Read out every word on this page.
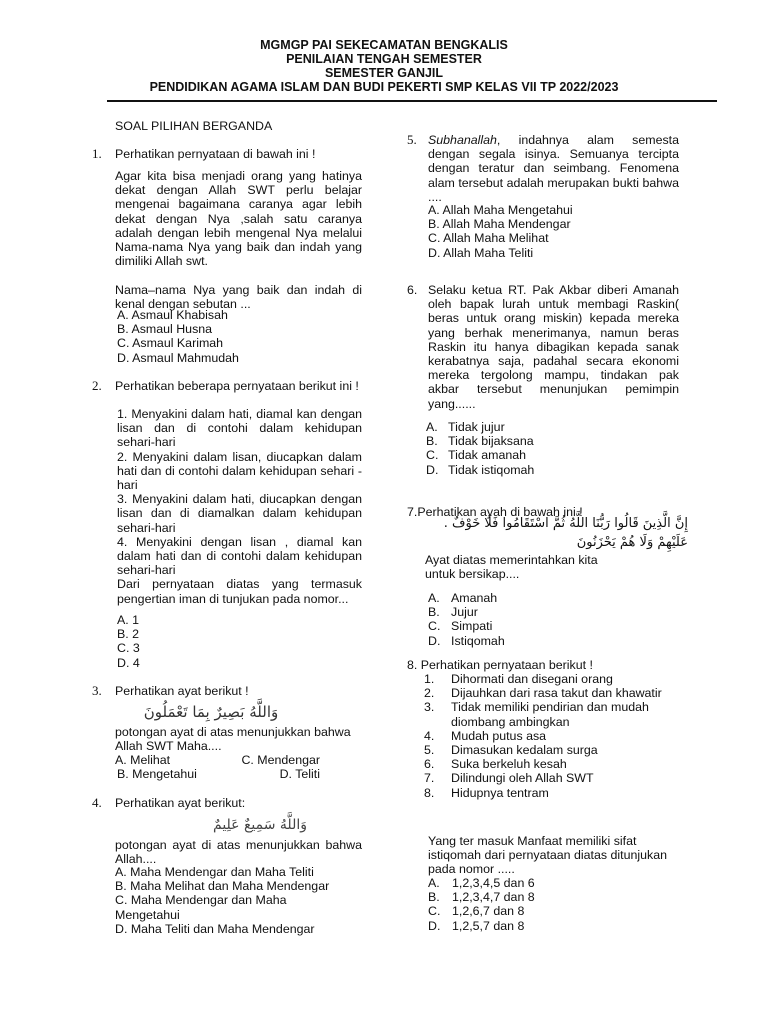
MGMGP PAI SEKECAMATAN BENGKALIS
PENILAIAN TENGAH SEMESTER
SEMESTER GANJIL
PENDIDIKAN AGAMA ISLAM DAN BUDI PEKERTI SMP KELAS VII TP 2022/2023
SOAL PILIHAN BERGANDA
1. Perhatikan pernyataan di bawah ini !
Agar kita bisa menjadi orang yang hatinya dekat dengan Allah SWT perlu belajar mengenai bagaimana caranya agar lebih dekat dengan Nya ,salah satu caranya adalah dengan lebih mengenal Nya melalui Nama-nama Nya yang baik dan indah yang dimiliki Allah swt.
Nama–nama Nya yang baik dan indah di kenal dengan sebutan ...
A. Asmaul Khabisah
B. Asmaul Husna
C. Asmaul Karimah
D. Asmaul Mahmudah
2. Perhatikan beberapa pernyataan berikut ini !
1. Menyakini dalam hati, diamal kan dengan lisan dan di contohi dalam kehidupan sehari-hari
2. Menyakini dalam lisan, diucapkan dalam hati dan di contohi dalam kehidupan sehari -hari
3. Menyakini dalam hati, diucapkan dengan lisan dan di diamalkan dalam kehidupan sehari-hari
4. Menyakini dengan lisan , diamal kan dalam hati dan di contohi dalam kehidupan sehari-hari
Dari pernyataan diatas yang termasuk pengertian iman di tunjukan pada nomor...
A. 1
B. 2
C. 3
D. 4
3. Perhatikan ayat berikut !
وَاللَّهُ بَصِيرٌ بِمَا تَعْمَلُونَ
potongan ayat di atas menunjukkan bahwa Allah SWT Maha....
A. Melihat	C. Mendengar
B. Mengetahui	D. Teliti
4. Perhatikan ayat berikut:
وَاللَّهُ سَمِيعٌ عَلِيمٌ
potongan ayat di atas menunjukkan bahwa Allah....
A. Maha Mendengar dan Maha Teliti
B. Maha Melihat dan Maha Mendengar
C. Maha Mendengar dan Maha Mengetahui
D. Maha Teliti dan Maha Mendengar
5. Subhanallah, indahnya alam semesta dengan segala isinya. Semuanya tercipta dengan teratur dan seimbang. Fenomena alam tersebut adalah merupakan bukti bahwa ....
A. Allah Maha Mengetahui
B. Allah Maha Mendengar
C. Allah Maha Melihat
D. Allah Maha Teliti
6. Selaku ketua RT. Pak Akbar diberi Amanah oleh bapak lurah untuk membagi Raskin( beras untuk orang miskin) kepada mereka yang berhak menerimanya, namun beras Raskin itu hanya dibagikan kepada sanak kerabatnya saja, padahal secara ekonomi mereka tergolong mampu, tindakan pak akbar tersebut menunjukan pemimpin yang......
A. Tidak jujur
B. Tidak bijaksana
C. Tidak amanah
D. Tidak istiqomah
7.Perhatikan ayah di bawah ini !
إِنَّ الَّذِينَ قَالُوا رَبُّنَا اللَّهُ ثُمَّ اسْتَقَامُوا فَلَا خَوْفٌ .
عَلَيْهِمْ وَلَا هُمْ يَحْزَنُونَ
Ayat diatas memerintahkan kita untuk bersikap....
A. Amanah
B. Jujur
C. Simpati
D. Istiqomah
8. Perhatikan pernyataan berikut !
1. Dihormati dan disegani orang
2. Dijauhkan dari rasa takut dan khawatir
3. Tidak memiliki pendirian dan mudah diombang ambingkan
4. Mudah putus asa
5. Dimasukan kedalam surga
6. Suka berkeluh kesah
7. Dilindungi oleh Allah SWT
8. Hidupnya tentram
Yang ter masuk Manfaat memiliki sifat istiqomah dari pernyataan diatas ditunjukan pada nomor .....
A. 1,2,3,4,5 dan 6
B. 1,2,3,4,7 dan 8
C. 1,2,6,7 dan 8
D. 1,2,5,7 dan 8
